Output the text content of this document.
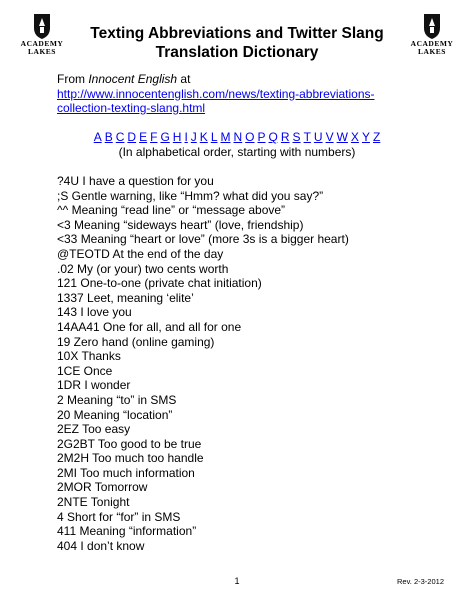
ACADEMY
LAKES
ACADEMY
LAKES
Texting Abbreviations and Twitter Slang
Translation Dictionary
From Innocent English at
http://www.innocentenglish.com/news/texting-abbreviations-
collection-texting-slang.html
A B C D E F G H I J K L M N O P Q R S T U V W X Y Z
(In alphabetical order, starting with numbers)
?4U I have a question for you
;S Gentle warning, like “Hmm? what did you say?”
^^ Meaning “read line” or “message above”
<3 Meaning “sideways heart” (love, friendship)
<33 Meaning “heart or love” (more 3s is a bigger heart)
@TEOTD At the end of the day
.02 My (or your) two cents worth
121 One-to-one (private chat initiation)
1337 Leet, meaning ‘elite’
143 I love you
14AA41 One for all, and all for one
19 Zero hand (online gaming)
10X Thanks
1CE Once
1DR I wonder
2 Meaning “to” in SMS
20 Meaning “location”
2EZ Too easy
2G2BT Too good to be true
2M2H Too much too handle
2MI Too much information
2MOR Tomorrow
2NTE Tonight
4 Short for “for” in SMS
411 Meaning “information”
404 I don’t know
1	Rev. 2-3-2012
